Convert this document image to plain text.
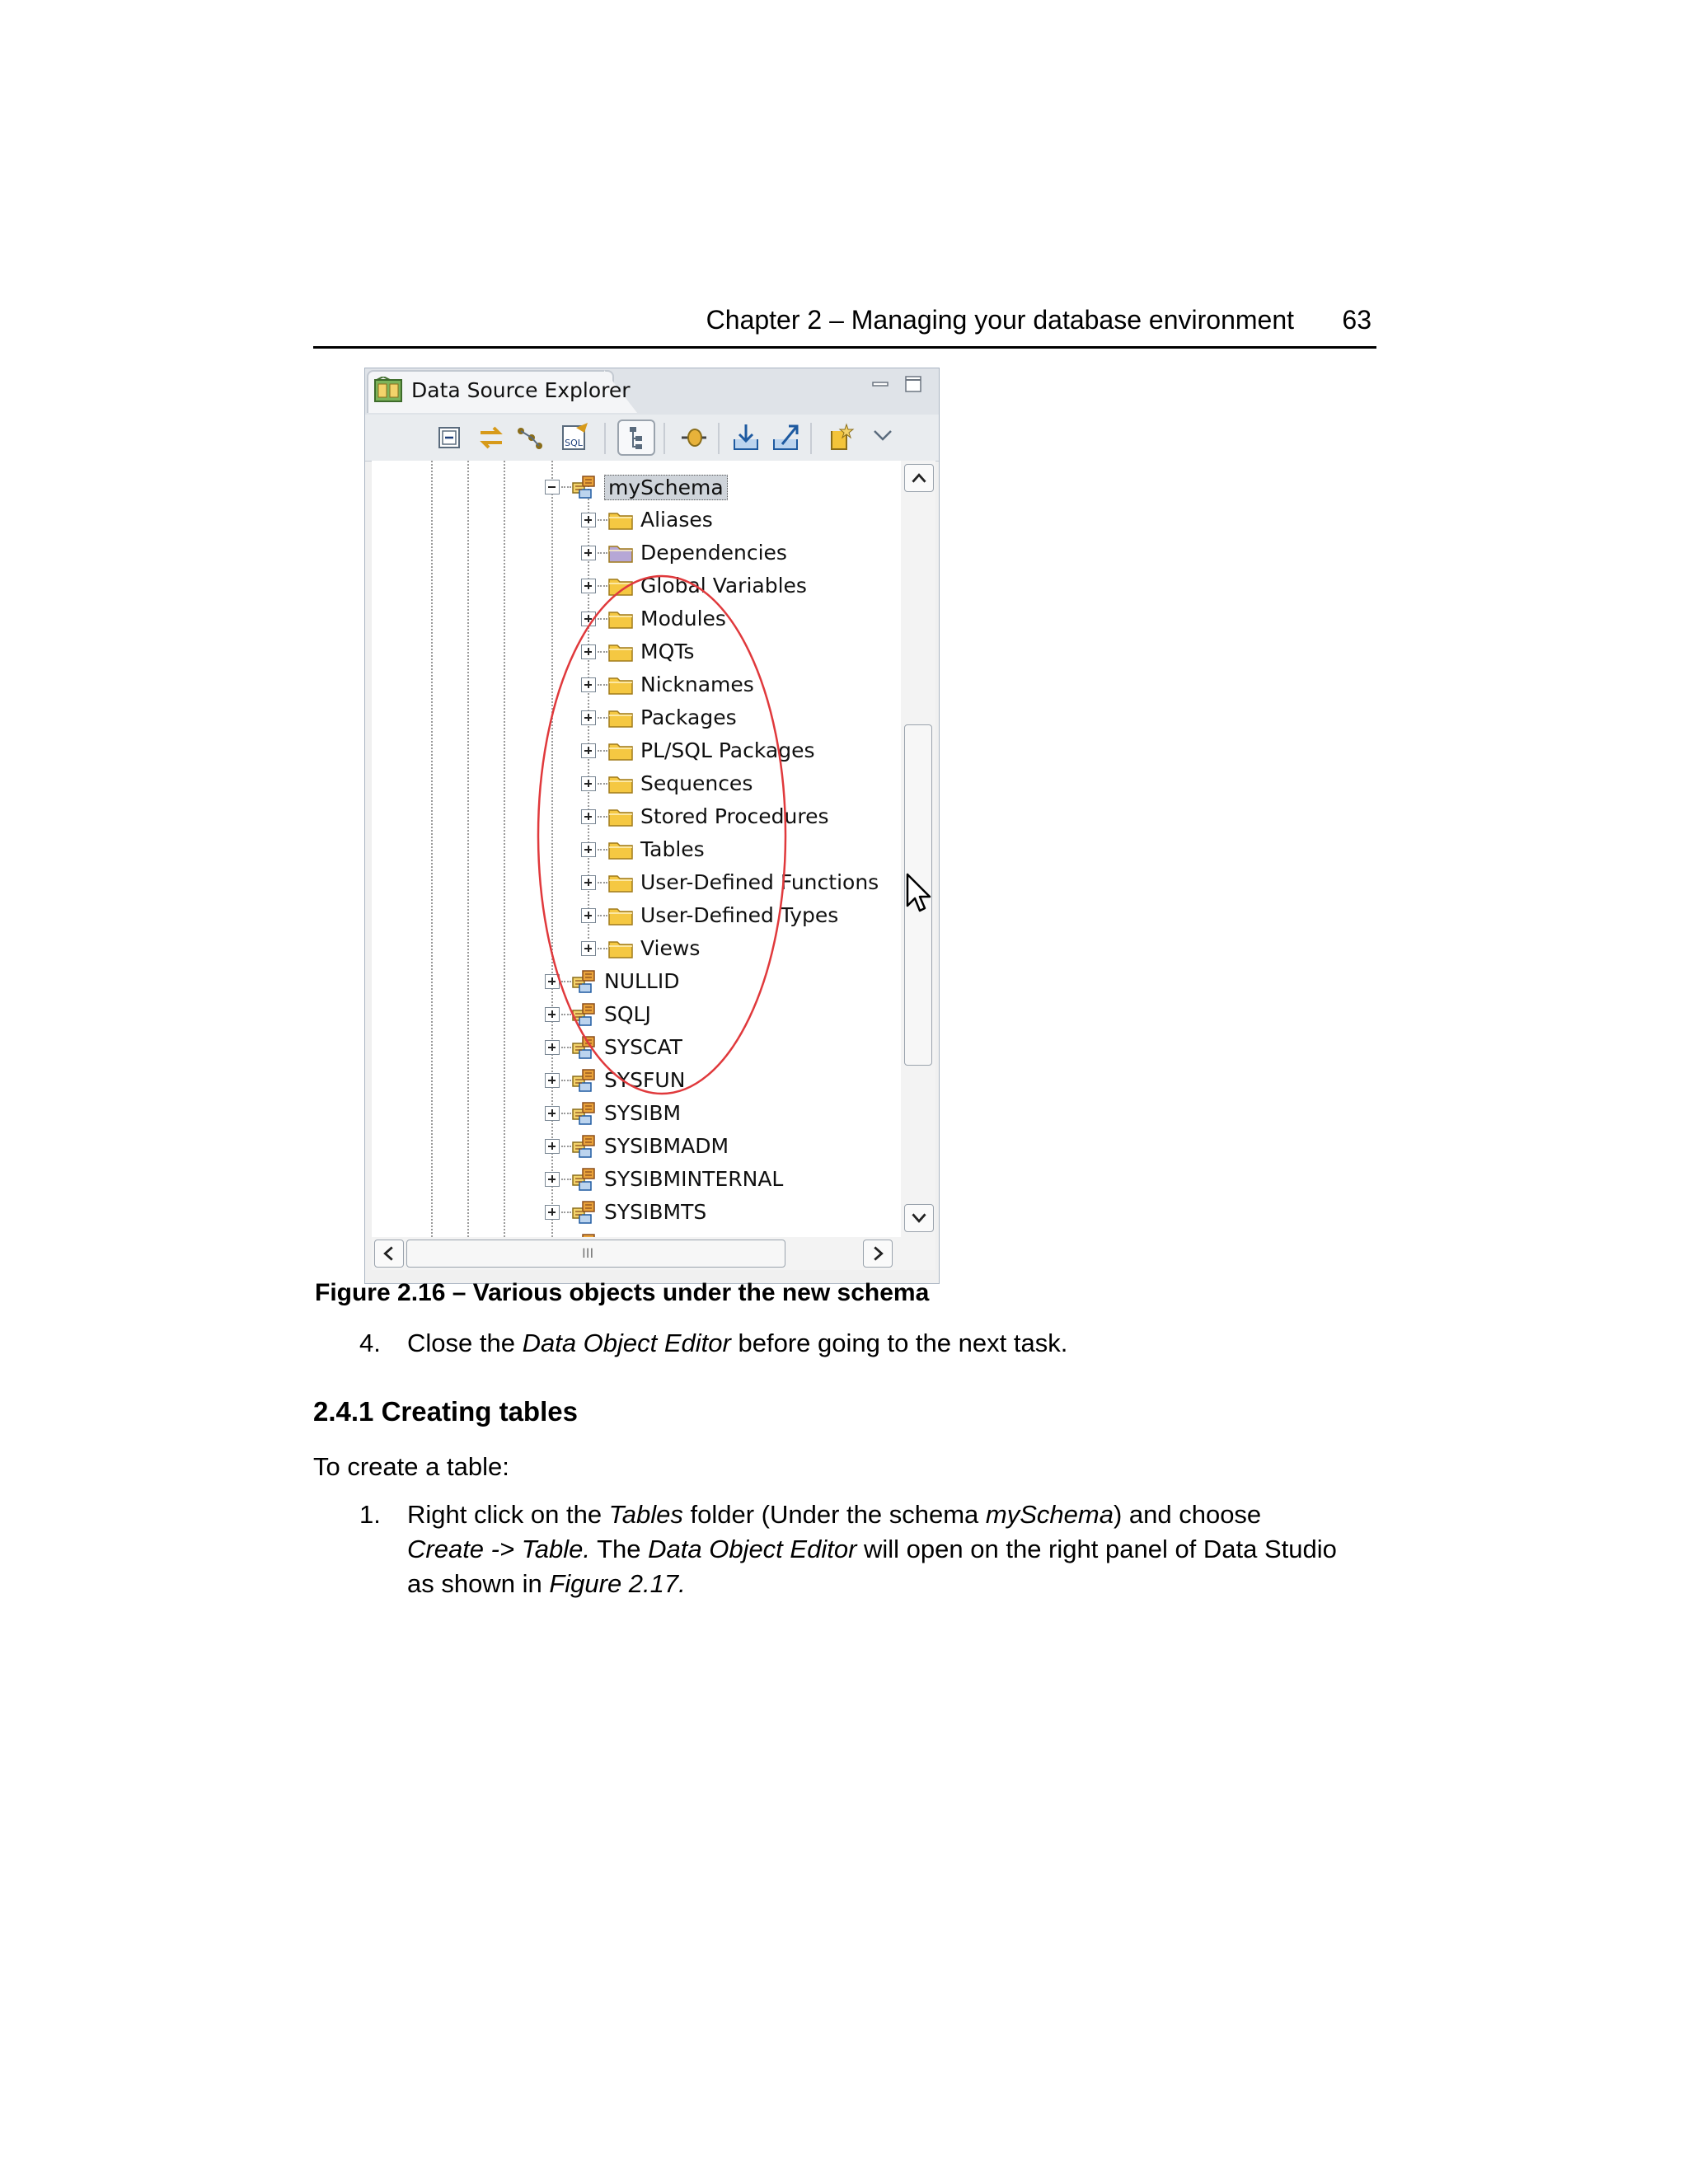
Chapter 2 – Managing your database environment 63
Data Source Explorer
SQL
mySchema
Aliases
Dependencies
Global Variables
Modules
MQTs
Nicknames
Packages
PL/SQL Packages
Sequences
Stored Procedures
Tables
User-Defined Functions
User-Defined Types
Views
NULLID
SQLJ
SYSCAT
SYSFUN
SYSIBM
SYSIBMADM
SYSIBMINTERNAL
SYSIBMTS
III
Figure 2.16 – Various objects under the new schema
4. Close the Data Object Editor before going to the next task.
2.4.1 Creating tables
To create a table:
1. Right click on the Tables folder (Under the schema mySchema) and choose
Create -> Table. The Data Object Editor will open on the right panel of Data Studio
as shown in Figure 2.17.
